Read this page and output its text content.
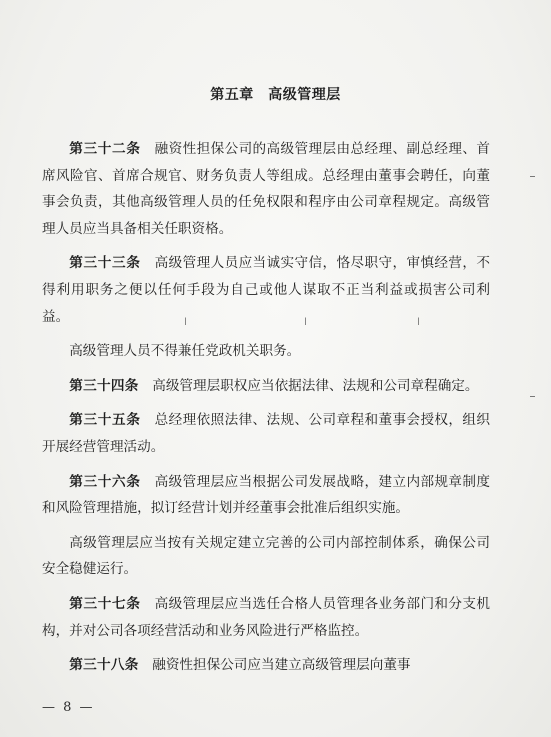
第五章　高级管理层

第三十二条　融资性担保公司的高级管理层由总经理、副总经理、首席风险官、首席合规官、财务负责人等组成。总经理由董事会聘任，向董事会负责，其他高级管理人员的任免权限和程序由公司章程规定。高级管理人员应当具备相关任职资格。

第三十三条　高级管理人员应当诚实守信，恪尽职守，审慎经营，不得利用职务之便以任何手段为自己或他人谋取不正当利益或损害公司利益。

高级管理人员不得兼任党政机关职务。

第三十四条　高级管理层职权应当依据法律、法规和公司章程确定。

第三十五条　总经理依照法律、法规、公司章程和董事会授权，组织开展经营管理活动。

第三十六条　高级管理层应当根据公司发展战略，建立内部规章制度和风险管理措施，拟订经营计划并经董事会批准后组织实施。

高级管理层应当按有关规定建立完善的公司内部控制体系，确保公司安全稳健运行。

第三十七条　高级管理层应当选任合格人员管理各业务部门和分支机构，并对公司各项经营活动和业务风险进行严格监控。

第三十八条　融资性担保公司应当建立高级管理层向董事

— 8 —
ǀ	ǀ	ǀ
